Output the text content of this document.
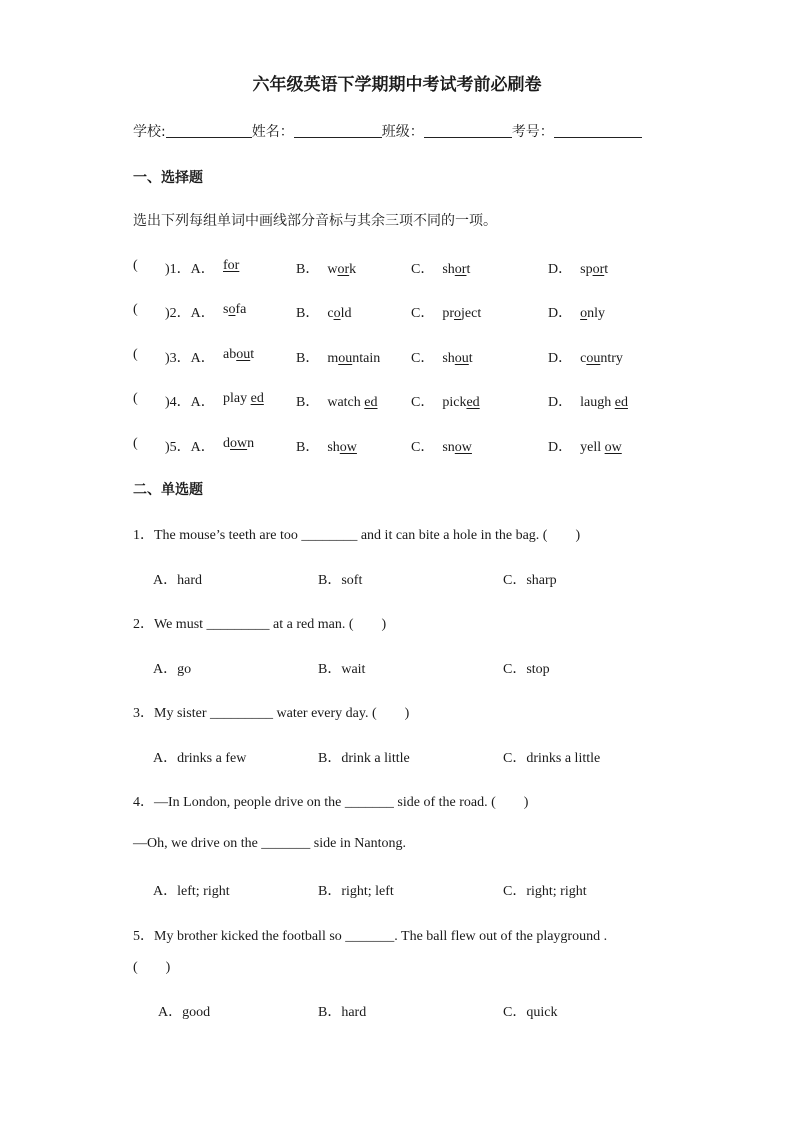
六年级英语下学期期中考试考前必刷卷
学校:	姓名：	班级：	考号：
一、选择题
选出下列每组单词中画线部分音标与其余三项不同的一项。
( )1．A． for	B． work	C． short	D． sport
( )2．A． sofa	B． cold	C． project	D． only
( )3．A． about	B． mountain C． shout	D． country
( )4．A． play ed B． watch ed C． picked	D． laugh ed
( )5．A． down	B． show	C． snow	D． yell ow
二、单选题
1．The mouse’s teeth are too ________ and it can bite a hole in the bag. (　　)
A．hard	B．soft	C．sharp
2．We must _________ at a red man. (　　)
A．go	B．wait	C．stop
3．My sister _________ water every day. (　　)
A．drinks a few	B．drink a little	C．drinks a little
4．—In London, people drive on the _______ side of the road. (　　)
—Oh, we drive on the _______ side in Nantong.
A．left; right	B．right; left	C．right; right
5．My brother kicked the football so _______. The ball flew out of the playground .
(　　)
A．good	B．hard	C．quick
